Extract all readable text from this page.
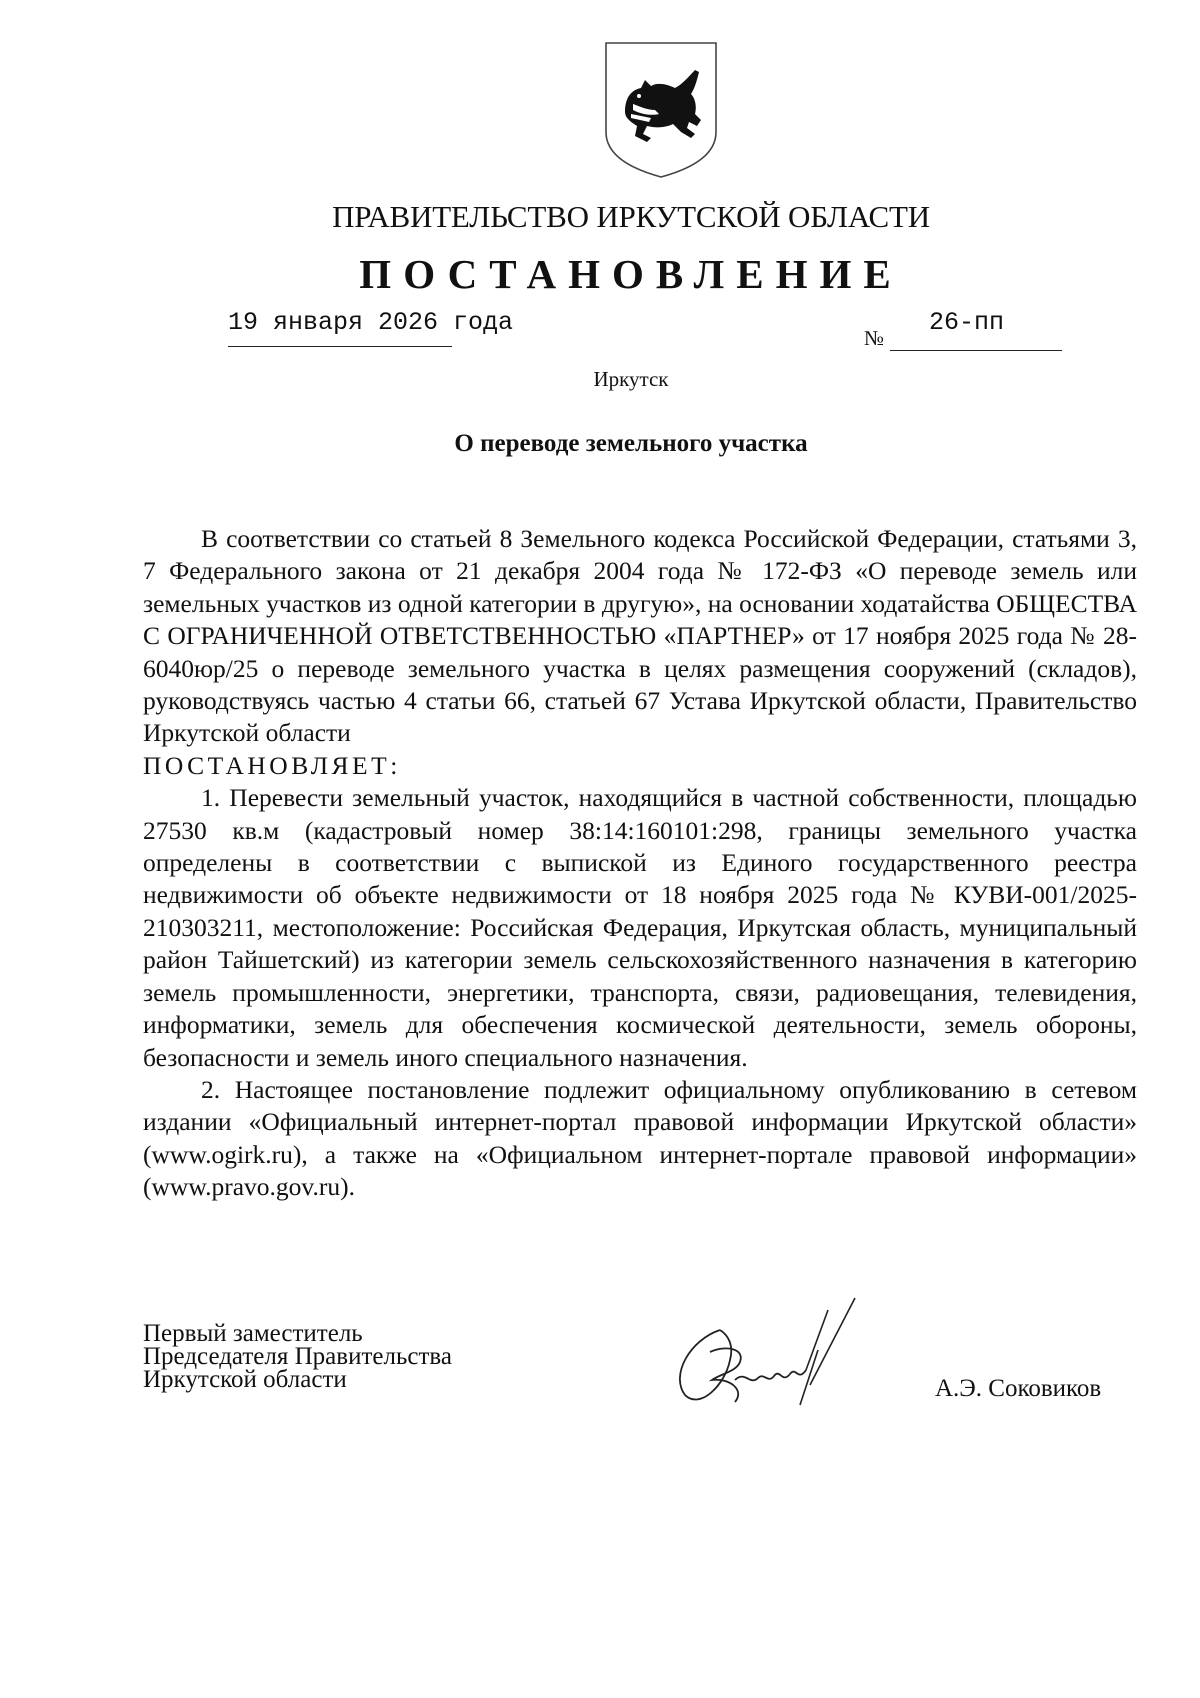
ПРАВИТЕЛЬСТВО ИРКУТСКОЙ ОБЛАСТИ
ПОСТАНОВЛЕНИЕ
19 января 2026 года
№
26-пп
Иркутск
О переводе земельного участка

В соответствии со статьей 8 Земельного кодекса Российской Федерации, статьями 3, 7 Федерального закона от 21 декабря 2004 года № 172-ФЗ «О переводе земель или земельных участков из одной категории в другую», на основании ходатайства ОБЩЕСТВА С ОГРАНИЧЕННОЙ ОТВЕТСТВЕННОСТЬЮ «ПАРТНЕР» от 17 ноября 2025 года № 28-6040юр/25 о переводе земельного участка в целях размещения сооружений (складов), руководствуясь частью 4 статьи 66, статьей 67 Устава Иркутской области, Правительство Иркутской области

ПОСТАНОВЛЯЕТ:

1. Перевести земельный участок, находящийся в частной собственности, площадью 27530 кв.м (кадастровый номер 38:14:160101:298, границы земельного участка определены в соответствии с выпиской из Единого государственного реестра недвижимости об объекте недвижимости от 18 ноября 2025 года № КУВИ-001/2025-210303211, местоположение: Российская Федерация, Иркутская область, муниципальный район Тайшетский) из категории земель сельскохозяйственного назначения в категорию земель промышленности, энергетики, транспорта, связи, радиовещания, телевидения, информатики, земель для обеспечения космической деятельности, земель обороны, безопасности и земель иного специального назначения.

2. Настоящее постановление подлежит официальному опубликованию в сетевом издании «Официальный интернет-портал правовой информации Иркутской области» (www.ogirk.ru), а также на «Официальном интернет-портале правовой информации» (www.pravo.gov.ru).

Первый заместитель
Председателя Правительства
Иркутской области	А.Э. Соковиков
